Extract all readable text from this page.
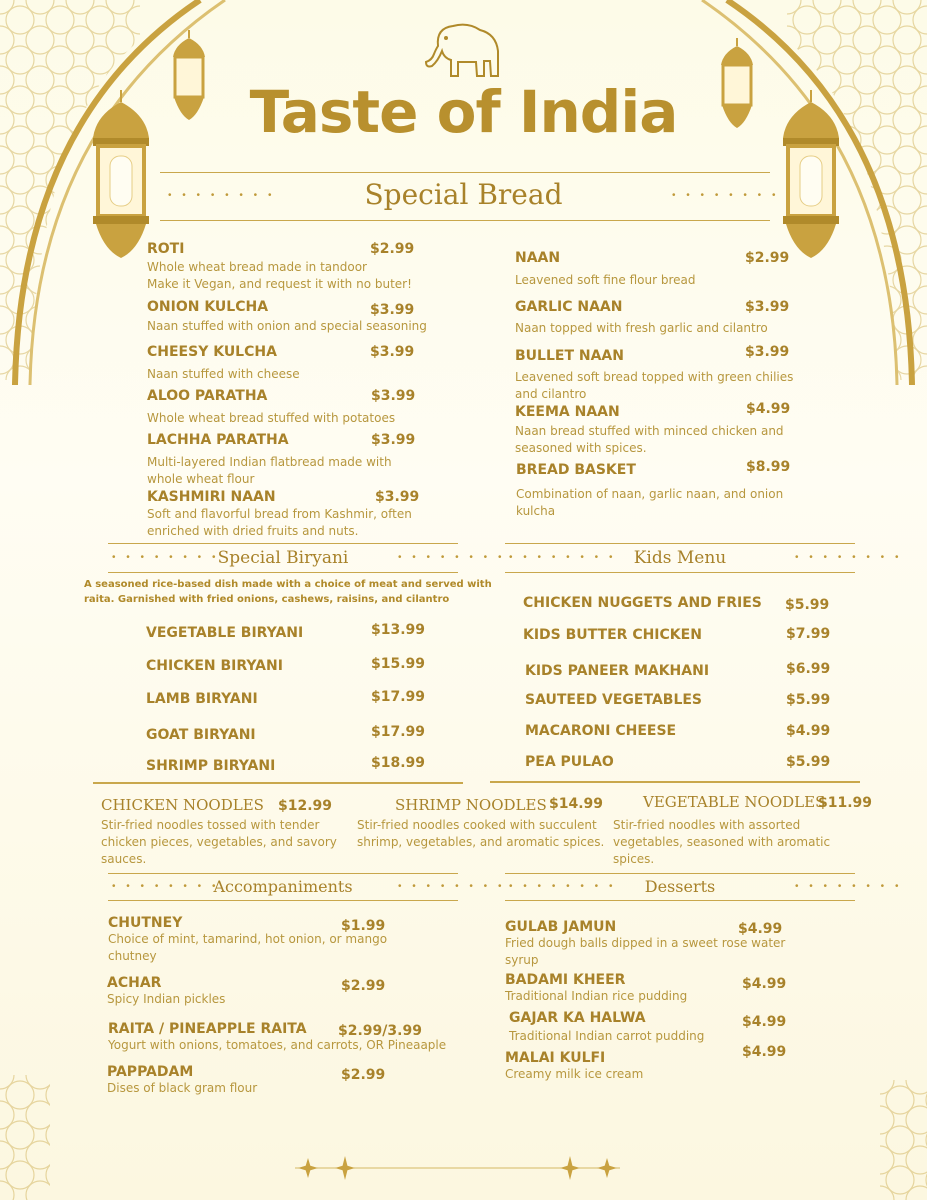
Taste of India
• • • • • • • •	• • • • • • • •
Special Bread
ROTI	$2.99
Whole wheat bread made in tandoor
Make it Vegan, and request it with no buter!
ONION KULCHA	$3.99
Naan stuffed with onion and special seasoning
CHEESY KULCHA	$3.99
Naan stuffed with cheese
ALOO PARATHA	$3.99
Whole wheat bread stuffed with potatoes
LACHHA PARATHA	$3.99
Multi-layered Indian flatbread made with
whole wheat flour
KASHMIRI NAAN	$3.99
Soft and flavorful bread from Kashmir, often
enriched with dried fruits and nuts.
NAAN	$2.99
Leavened soft fine flour bread
GARLIC NAAN	$3.99
Naan topped with fresh garlic and cilantro
BULLET NAAN	$3.99
Leavened soft bread topped with green chilies
and cilantro
KEEMA NAAN	$4.99
Naan bread stuffed with minced chicken and
seasoned with spices.
BREAD BASKET	$8.99
Combination of naan, garlic naan, and onion
kulcha
• • • • • • • •	• • • • • • • •
Special Biryani
A seasoned rice-based dish made with a choice of meat and served with
raita. Garnished with fried onions, cashews, raisins, and cilantro
VEGETABLE BIRYANI	$13.99
CHICKEN BIRYANI	$15.99
LAMB BIRYANI	$17.99
GOAT BIRYANI	$17.99
SHRIMP BIRYANI	$18.99
• • • • • • • •	• • • • • • • •
Kids Menu
CHICKEN NUGGETS AND FRIES $5.99
KIDS BUTTER CHICKEN	$7.99
KIDS PANEER MAKHANI	$6.99
SAUTEED VEGETABLES	$5.99
MACARONI CHEESE	$4.99
PEA PULAO	$5.99
CHICKEN NOODLES $12.99
Stir-fried noodles tossed with tender
chicken pieces, vegetables, and savory
sauces.
SHRIMP NOODLES $14.99
Stir-fried noodles cooked with succulent
shrimp, vegetables, and aromatic spices.
VEGETABLE NOODLES
$11.99
Stir-fried noodles with assorted
vegetables, seasoned with aromatic
spices.
• • • • • • • •	• • • • • • • •
Accompaniments
CHUTNEY	$1.99
Choice of mint, tamarind, hot onion, or mango
chutney
ACHAR	$2.99
Spicy Indian pickles
RAITA / PINEAPPLE RAITA $2.99/3.99
Yogurt with onions, tomatoes, and carrots, OR Pineaaple
PAPPADAM	$2.99
Dises of black gram flour
• • • • • • • •	• • • • • • • •
Desserts
GULAB JAMUN	$4.99
Fried dough balls dipped in a sweet rose water
syrup
BADAMI KHEER	$4.99
Traditional Indian rice pudding
GAJAR KA HALWA	$4.99
Traditional Indian carrot pudding
MALAI KULFI	$4.99
Creamy milk ice cream
